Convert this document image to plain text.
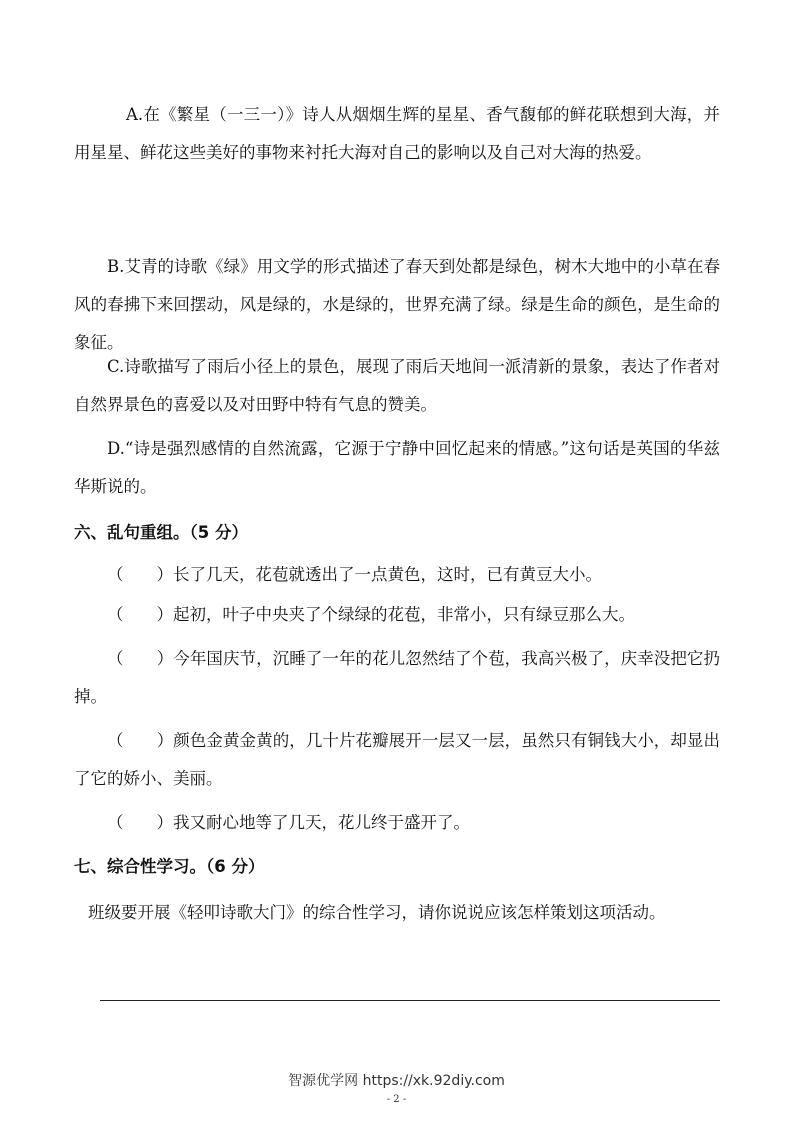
A.在《繁星（一三一）》诗人从烟烟生辉的星星、香气馥郁的鲜花联想到大海，并用星星、鲜花这些美好的事物来衬托大海对自己的影响以及自己对大海的热爱。

B.艾青的诗歌《绿》用文学的形式描述了春天到处都是绿色，树木大地中的小草在春风的春拂下来回摆动，风是绿的，水是绿的，世界充满了绿。绿是生命的颜色，是生命的象征。

C.诗歌描写了雨后小径上的景色，展现了雨后天地间一派清新的景象，表达了作者对自然界景色的喜爱以及对田野中特有气息的赞美。

D.“诗是强烈感情的自然流露，它源于宁静中回忆起来的情感。”这句话是英国的华兹华斯说的。

六、乱句重组。（5 分）

（　　）长了几天，花苞就透出了一点黄色，这时，已有黄豆大小。

（　　）起初，叶子中央夹了个绿绿的花苞，非常小，只有绿豆那么大。

（　　）今年国庆节，沉睡了一年的花儿忽然结了个苞，我高兴极了，庆幸没把它扔掉。

（　　）颜色金黄金黄的，几十片花瓣展开一层又一层，虽然只有铜钱大小，却显出了它的娇小、美丽。

（　　）我又耐心地等了几天，花儿终于盛开了。

七、综合性学习。（6 分）

班级要开展《轻叩诗歌大门》的综合性学习，请你说说应该怎样策划这项活动。

智源优学网 https://xk.92diy.com
- 2 -
